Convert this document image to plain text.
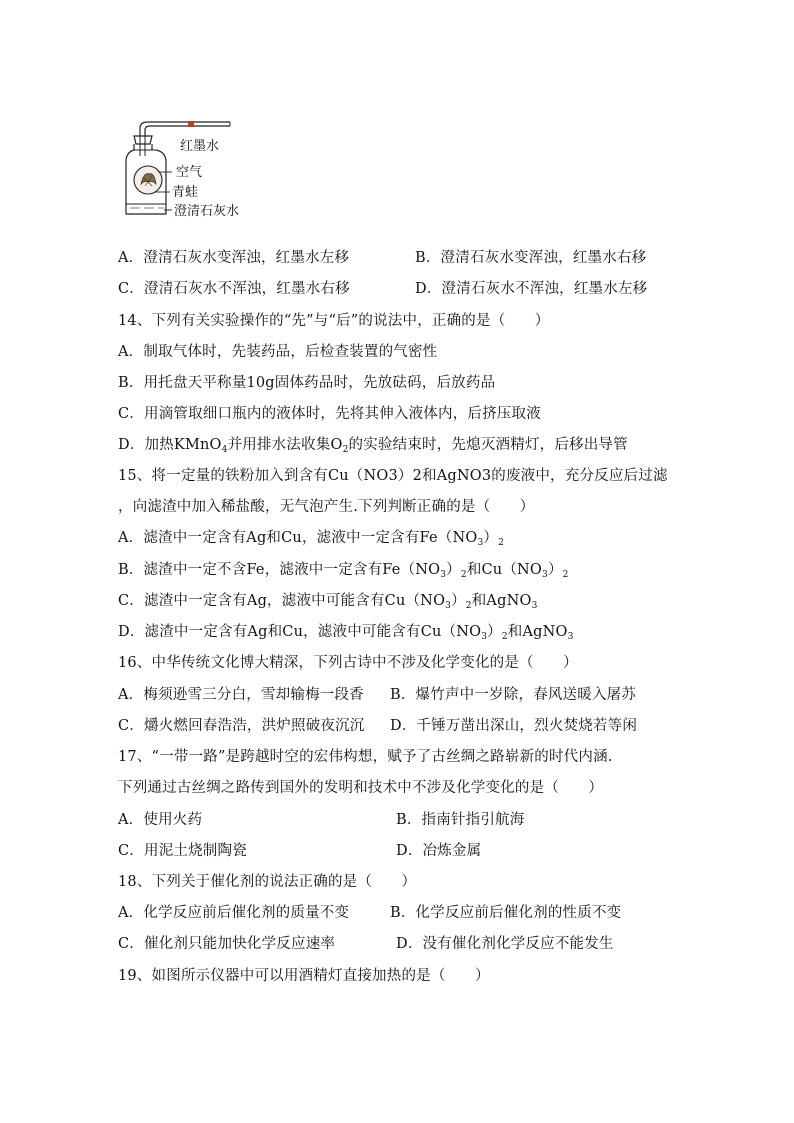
红墨水
空气
青蛙
澄清石灰水
A．澄清石灰水变浑浊，红墨水左移	B．澄清石灰水变浑浊，红墨水右移
C．澄清石灰水不浑浊，红墨水右移	D．澄清石灰水不浑浊，红墨水左移
14、下列有关实验操作的“先”与“后”的说法中，正确的是（　　）
A．制取气体时，先装药品，后检查装置的气密性
B．用托盘天平称量10g固体药品时，先放砝码，后放药品
C．用滴管取细口瓶内的液体时，先将其伸入液体内，后挤压取液
D．加热KMnO$_4$并用排水法收集$O_2$的实验结束时，先熄灭酒精灯，后移出导管
15、将一定量的铁粉加入到含有Cu（NO3）2和AgNO3的废液中，充分反应后过滤
，向滤渣中加入稀盐酸，无气泡产生.下列判断正确的是（　　）
A．滤渣中一定含有Ag和Cu，滤液中一定含有$Fe(NO_3)_2$
B．滤渣中一定不含Fe，滤液中一定含有$Fe(NO_3)_2$和$Cu(NO_3)_2$
C．滤渣中一定含有Ag，滤液中可能含有$Cu(NO_3)_2$和AgNO$_3$
D．滤渣中一定含有Ag和Cu，滤液中可能含有$Cu(NO_3)_2$和AgNO$_3$
16、中华传统文化博大精深，下列古诗中不涉及化学变化的是（　　）
A．梅须逊雪三分白，雪却输梅一段香 B．爆竹声中一岁除，春风送暖入屠苏
C．爝火燃回春浩浩，洪炉照破夜沉沉 D．千锤万凿出深山，烈火焚烧若等闲
17、“一带一路”是跨越时空的宏伟构想，赋予了古丝绸之路崭新的时代内涵.
下列通过古丝绸之路传到国外的发明和技术中不涉及化学变化的是（　　）
A．使用火药	B．指南针指引航海
C．用泥土烧制陶瓷	D．冶炼金属
18、下列关于催化剂的说法正确的是（　　）
A．化学反应前后催化剂的质量不变	B．化学反应前后催化剂的性质不变
C．催化剂只能加快化学反应速率	D．没有催化剂化学反应不能发生
19、如图所示仪器中可以用酒精灯直接加热的是（　　）
